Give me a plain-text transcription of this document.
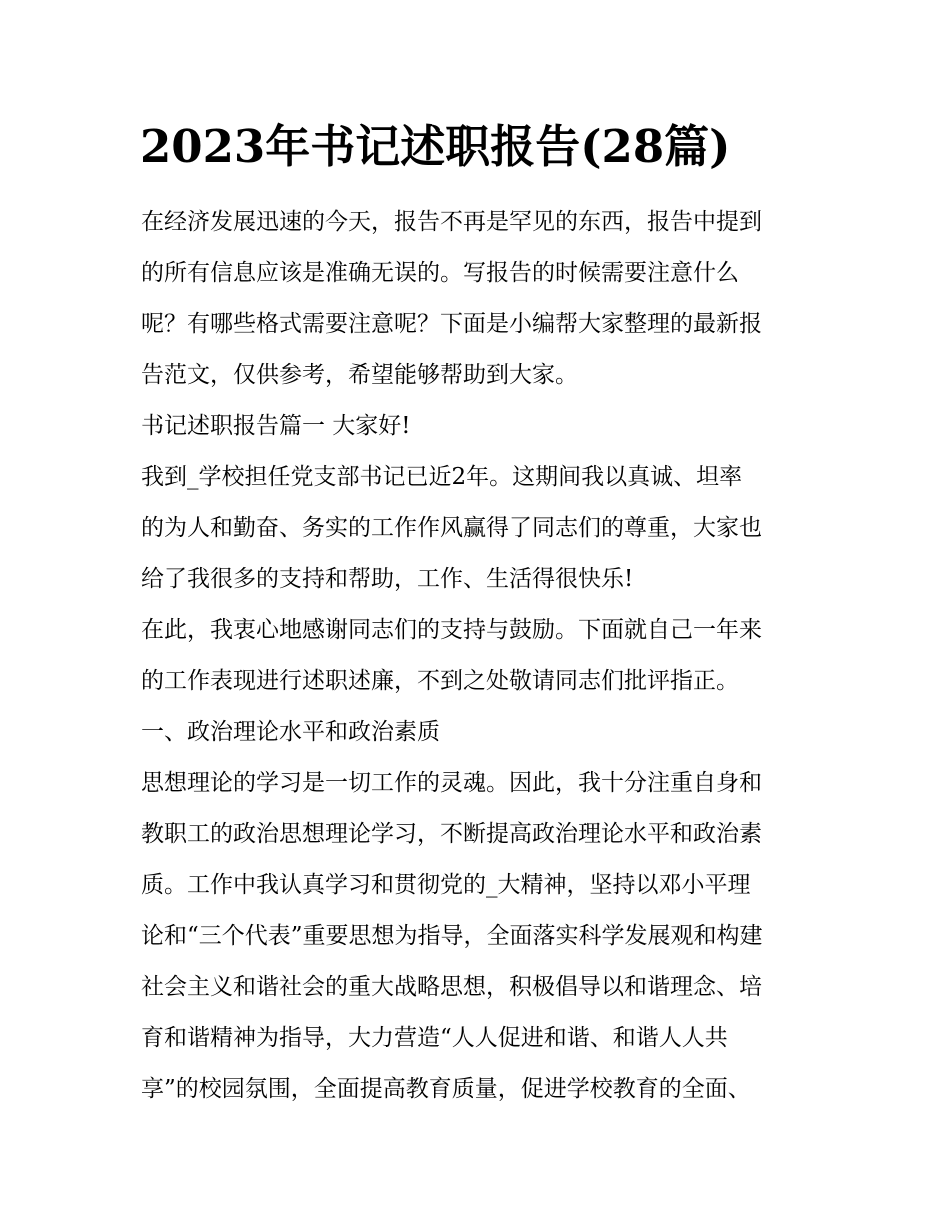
2023年书记述职报告(28篇)
在经济发展迅速的今天，报告不再是罕见的东西，报告中提到
的所有信息应该是准确无误的。写报告的时候需要注意什么
呢？有哪些格式需要注意呢？下面是小编帮大家整理的最新报
告范文，仅供参考，希望能够帮助到大家。
书记述职报告篇一 大家好!
我到_学校担任党支部书记已近2年。这期间我以真诚、坦率
的为人和勤奋、务实的工作作风赢得了同志们的尊重，大家也
给了我很多的支持和帮助，工作、生活得很快乐!
在此，我衷心地感谢同志们的支持与鼓励。下面就自己一年来
的工作表现进行述职述廉，不到之处敬请同志们批评指正。
一、政治理论水平和政治素质
思想理论的学习是一切工作的灵魂。因此，我十分注重自身和
教职工的政治思想理论学习，不断提高政治理论水平和政治素
质。工作中我认真学习和贯彻党的_大精神，坚持以邓小平理
论和“三个代表”重要思想为指导，全面落实科学发展观和构建
社会主义和谐社会的重大战略思想，积极倡导以和谐理念、培
育和谐精神为指导，大力营造“人人促进和谐、和谐人人共
享”的校园氛围，全面提高教育质量，促进学校教育的全面、
